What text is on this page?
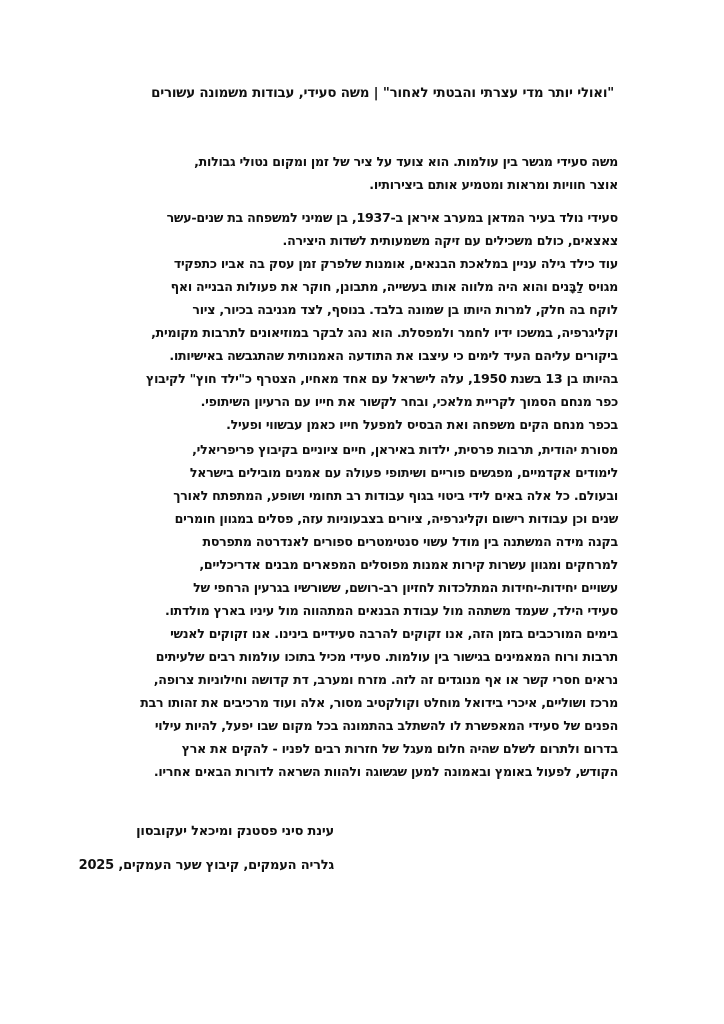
"ואולי יותר מדי עצרתי והבטתי לאחור" | משה סעידי, עבודות משמונה עשורים
משה סעידי מגשר בין עולמות. הוא צועד על ציר של זמן ומקום נטולי גבולות,
אוצר חוויות ומראות ומטמיע אותם ביצירותיו.
סעידי נולד בעיר המדאן במערב איראן ב-1937, בן שמיני למשפחה בת שנים-עשר
צאצאים, כולם משכילים עם זיקה משמעותית לשדות היצירה.
עוד כילד גילה עניין במלאכת הבנאים, אומנות שלפרק זמן עסק בה אביו כתפקיד
מגויס לַבָּנים והוא היה מלווה אותו בעשייה, מתבונן, חוקר את פעולות הבנייה ואף
לוקח בה חלק, למרות היותו בן שמונה בלבד. בנוסף, לצד מגניבה בכיור, ציור
וקליגרפיה, במשכו ידיו לחמר ולמפסלת. הוא נהג לבקר במוזיאונים לתרבות מקומית,
ביקורים עליהם העיד לימים כי עיצבו את התודעה האמנותית שהתגבשה באישיותו.
בהיותו בן 13 בשנת 1950, עלה לישראל עם אחד מאחיו, הצטרף כ"ילד חוץ" לקיבוץ
כפר מנחם הסמוך לקריית מלאכי, ובחר לקשור את חייו עם הרעיון השיתופי.
בכפר מנחם הקים משפחה ואת הבסיס למפעל חייו כאמן עבשווי ופעיל.
מסורת יהודית, תרבות פרסית, ילדות באיראן, חיים ציוניים בקיבוץ פריפריאלי,
לימודים אקדמיים, מפגשים פוריים ושיתופי פעולה עם אמנים מובילים בישראל
ובעולם. כל אלה באים לידי ביטוי בגוף עבודות רב תחומי ושופע, המתפתח לאורך
שנים וכן עבודות רישום וקליגרפיה, ציורים בצבעוניות עזה, פסלים במגוון חומרים
בקנה מידה המשתנה בין מודל עשוי סנטימטרים ספורים לאנדרטה מתפרסת
למרחקים ומגוון עשרות קירות אמנות מפוסלים המפארים מבנים אדריכליים,
עשויים יחידות-יחידות המתלכדות לחזיון רב-רושם, ששורשיו בגרעין הרחפי של
סעידי הילד, שעמד משתהה מול עבודת הבנאים המתהווה מול עיניו בארץ מולדתו.
בימים המורכבים בזמן הזה, אנו זקוקים להרבה סעידיים בינינו. אנו זקוקים לאנשי
תרבות ורוח המאמינים בגישור בין עולמות. סעידי מכיל בתוכו עולמות רבים שלעיתים
נראים חסרי קשר או אף מנוגדים זה לזה. מזרח ומערב, דת קדושה וחילוניות צרופה,
מרכז ושוליים, איכרי בידואל מוחלט וקולקטיב מסור, אלה ועוד מרכיבים את זהותו רבת
הפנים של סעידי המאפשרת לו להשתלב בהתמונה בכל מקום שבו יפעל, להיות עילוי
בדרום ולתרום לשלם שהיה חלום מעגל של חזרות רבים לפניו - להקים את ארץ
הקודש, לפעול באומץ ובאמונה למען שגשוגה ולהוות השראה לדורות הבאים אחריו.
עינת סיני פסטנק ומיכאל יעקובסון
גלריה העמקים, קיבוץ שער העמקים, 2025
